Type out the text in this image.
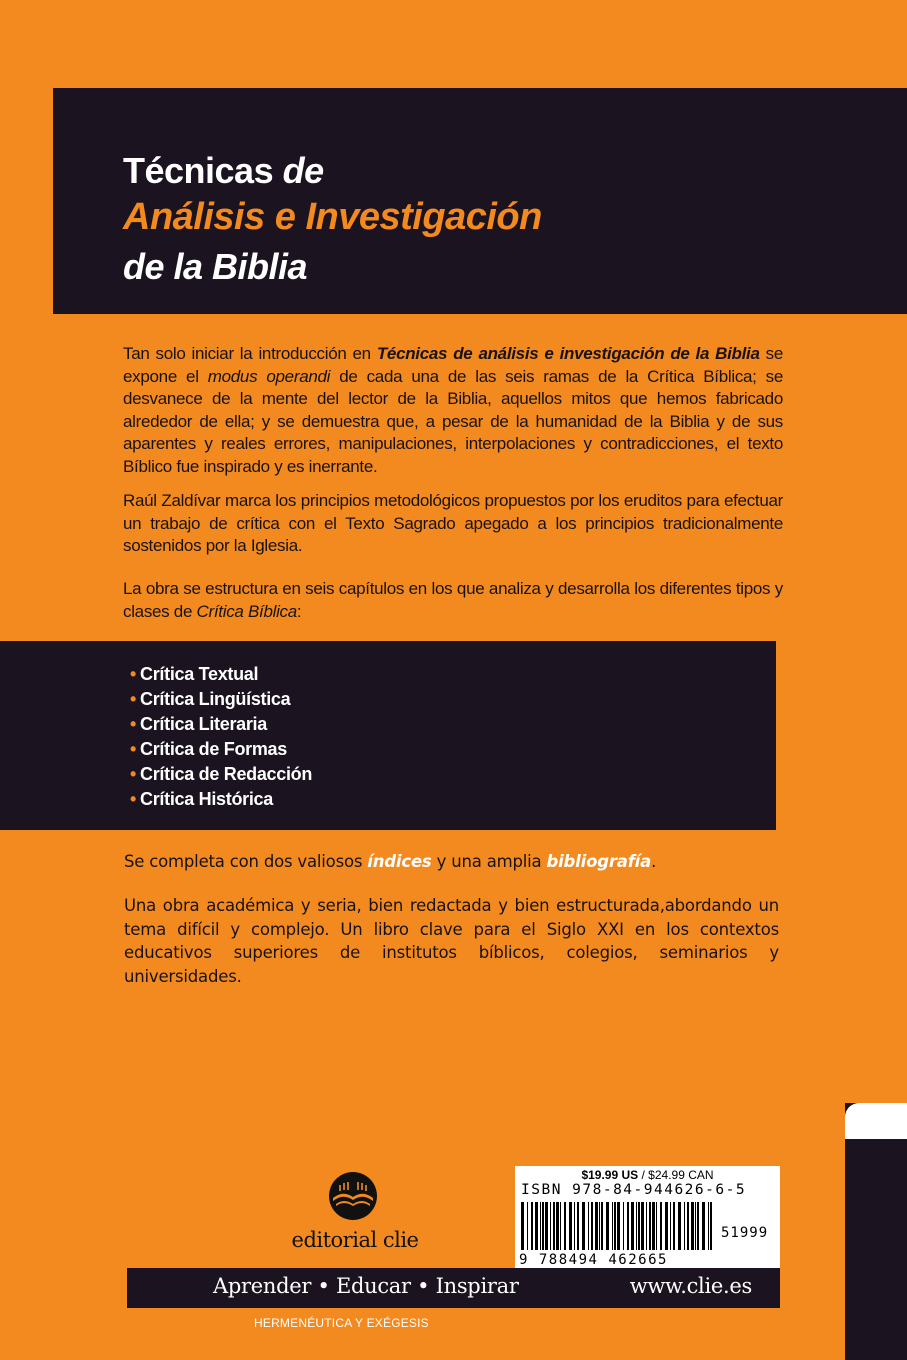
Técnicas de
Análisis e Investigación
de la Biblia
Tan solo iniciar la introducción en Técnicas de análisis e investigación de la Biblia se expone el modus operandi de cada una de las seis ramas de la Crítica Bíblica; se desvanece de la mente del lector de la Biblia, aquellos mitos que hemos fabricado alrededor de ella; y se demuestra que, a pesar de la humanidad de la Biblia y de sus aparentes y reales errores, manipulaciones, interpolaciones y contradicciones, el texto Bíblico fue inspirado y es inerrante.
Raúl Zaldívar marca los principios metodológicos propuestos por los eruditos para efectuar un trabajo de crítica con el Texto Sagrado apegado a los principios tradicionalmente sostenidos por la Iglesia.
La obra se estructura en seis capítulos en los que analiza y desarrolla los diferentes tipos y clases de Crítica Bíblica:
• Crítica Textual
• Crítica Lingüística
• Crítica Literaria
• Crítica de Formas
• Crítica de Redacción
• Crítica Histórica
Se completa con dos valiosos índices y una amplia bibliografía.
Una obra académica y seria, bien redactada y bien estructurada,abordando un tema difícil y complejo. Un libro clave para el Siglo XXI en los contextos educativos superiores de institutos bíblicos, colegios, seminarios y universidades.
editorial clie
$19.99 US / $24.99 CAN
ISBN 978-84-944626-6-5
51999
9 788494 462665
Aprender • Educar • Inspirar	www.clie.es
HERMENÉUTICA Y EXÉGESIS
